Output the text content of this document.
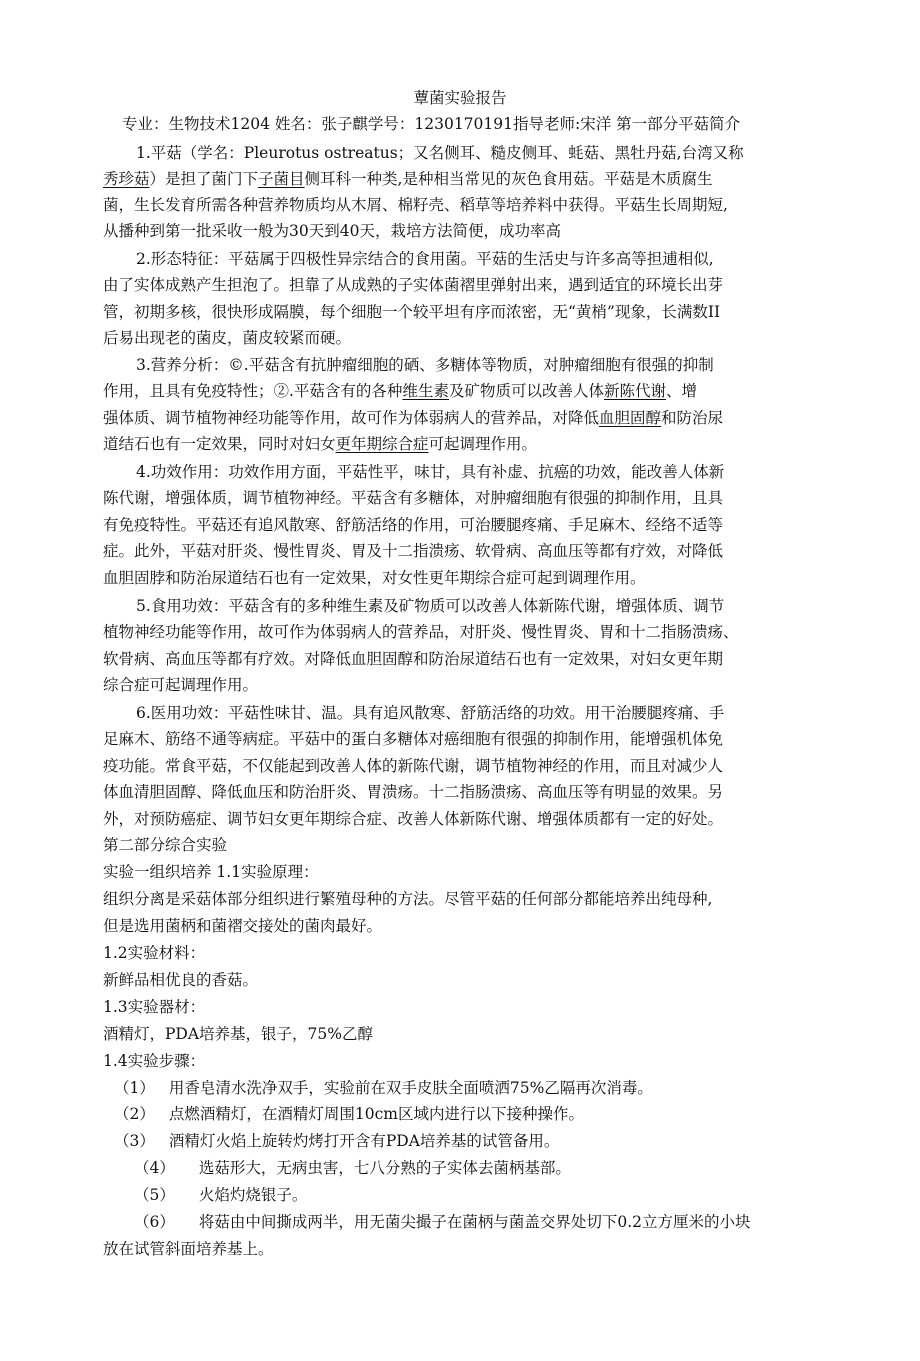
蕈菌实验报告
专业：生物技术1204 姓名：张子麒学号：1230170191指导老师:宋洋 第一部分平菇简介
1.平菇（学名：Pleurotus ostreatus；又名侧耳、糙皮侧耳、蚝菇、黑牡丹菇,台湾又称
秀珍菇）是担了菌门下子菌目侧耳科一种类,是种相当常见的灰色食用菇。平菇是木质腐生
菌，生长发育所需各种营养物质均从木屑、棉籽壳、稻草等培养料中获得。平菇生长周期短,
从播种到第一批采收一般为30天到40天，栽培方法简便，成功率高
2.形态特征：平菇属于四极性异宗结合的食用菌。平菇的生活史与许多高等担逋相似,
由了实体成熟产生担泡了。担靠了从成熟的子实体菌褶里弹射出来，遇到适宜的环境长出芽
管，初期多核，很快形成隔膜，每个细胞一个较平坦有序而浓密，无“黄梢”现象，长满数II
后易出现老的菌皮，菌皮较紧而硬。
3.营养分析：©.平菇含有抗肿瘤细胞的硒、多糖体等物质，对肿瘤细胞有很强的抑制
作用，且具有免疫特性；②.平菇含有的各种维生素及矿物质可以改善人体新陈代谢、增
强体质、调节植物神经功能等作用，故可作为体弱病人的营养品，对降低血胆固醇和防治尿
道结石也有一定效果，同时对妇女更年期综合症可起调理作用。
4.功效作用：功效作用方面，平菇性平，味甘，具有补虚、抗癌的功效，能改善人体新
陈代谢，增强体质，调节植物神经。平菇含有多糖体，对肿瘤细胞有很强的抑制作用，且具
有免疫特性。平菇还有追风散寒、舒筋活络的作用，可治腰腿疼痛、手足麻木、经络不适等
症。此外，平菇对肝炎、慢性胃炎、胃及十二指溃疡、软骨病、高血压等都有疗效，对降低
血胆固脖和防治尿道结石也有一定效果，对女性更年期综合症可起到调理作用。
5.食用功效：平菇含有的多种维生素及矿物质可以改善人体新陈代谢，增强体质、调节
植物神经功能等作用，故可作为体弱病人的营养品，对肝炎、慢性胃炎、胃和十二指肠溃疡、
软骨病、高血压等都有疗效。对降低血胆固醇和防治尿道结石也有一定效果，对妇女更年期
综合症可起调理作用。
6.医用功效：平菇性味甘、温。具有追风散寒、舒筋活络的功效。用干治腰腿疼痛、手
足麻木、筋络不通等病症。平菇中的蛋白多糖体对癌细胞有很强的抑制作用，能增强机体免
疫功能。常食平菇，不仅能起到改善人体的新陈代谢，调节植物神经的作用，而且对减少人
体血清胆固醇、降低血压和防治肝炎、胃溃疡。十二指肠溃疡、高血压等有明显的效果。另
外，对预防癌症、调节妇女更年期综合症、改善人体新陈代谢、增强体质都有一定的好处。
第二部分综合实验
实验一组织培养 1.1实验原理：
组织分离是采菇体部分组织进行繁殖母种的方法。尽管平菇的任何部分都能培养出纯母种,
但是选用菌柄和菌褶交接处的菌肉最好。
1.2实验材料：
新鲜品相优良的香菇。
1.3实验器材：
酒精灯，PDA培养基，银子，75%乙醇
1.4实验步骤：
（1） 用香皂清水洗净双手，实验前在双手皮肤全面喷洒75%乙隔再次消毒。
（2） 点燃酒精灯，在酒精灯周围10cm区域内进行以下接种操作。
（3） 酒精灯火焰上旋转灼烤打开含有PDA培养基的试管备用。
（4） 选菇形大，无病虫害，七八分熟的子实体去菌柄基部。
（5） 火焰灼烧银子。
（6） 将菇由中间撕成两半，用无菌尖撮子在菌柄与菌盖交界处切下0.2立方厘米的小块
放在试管斜面培养基上。
